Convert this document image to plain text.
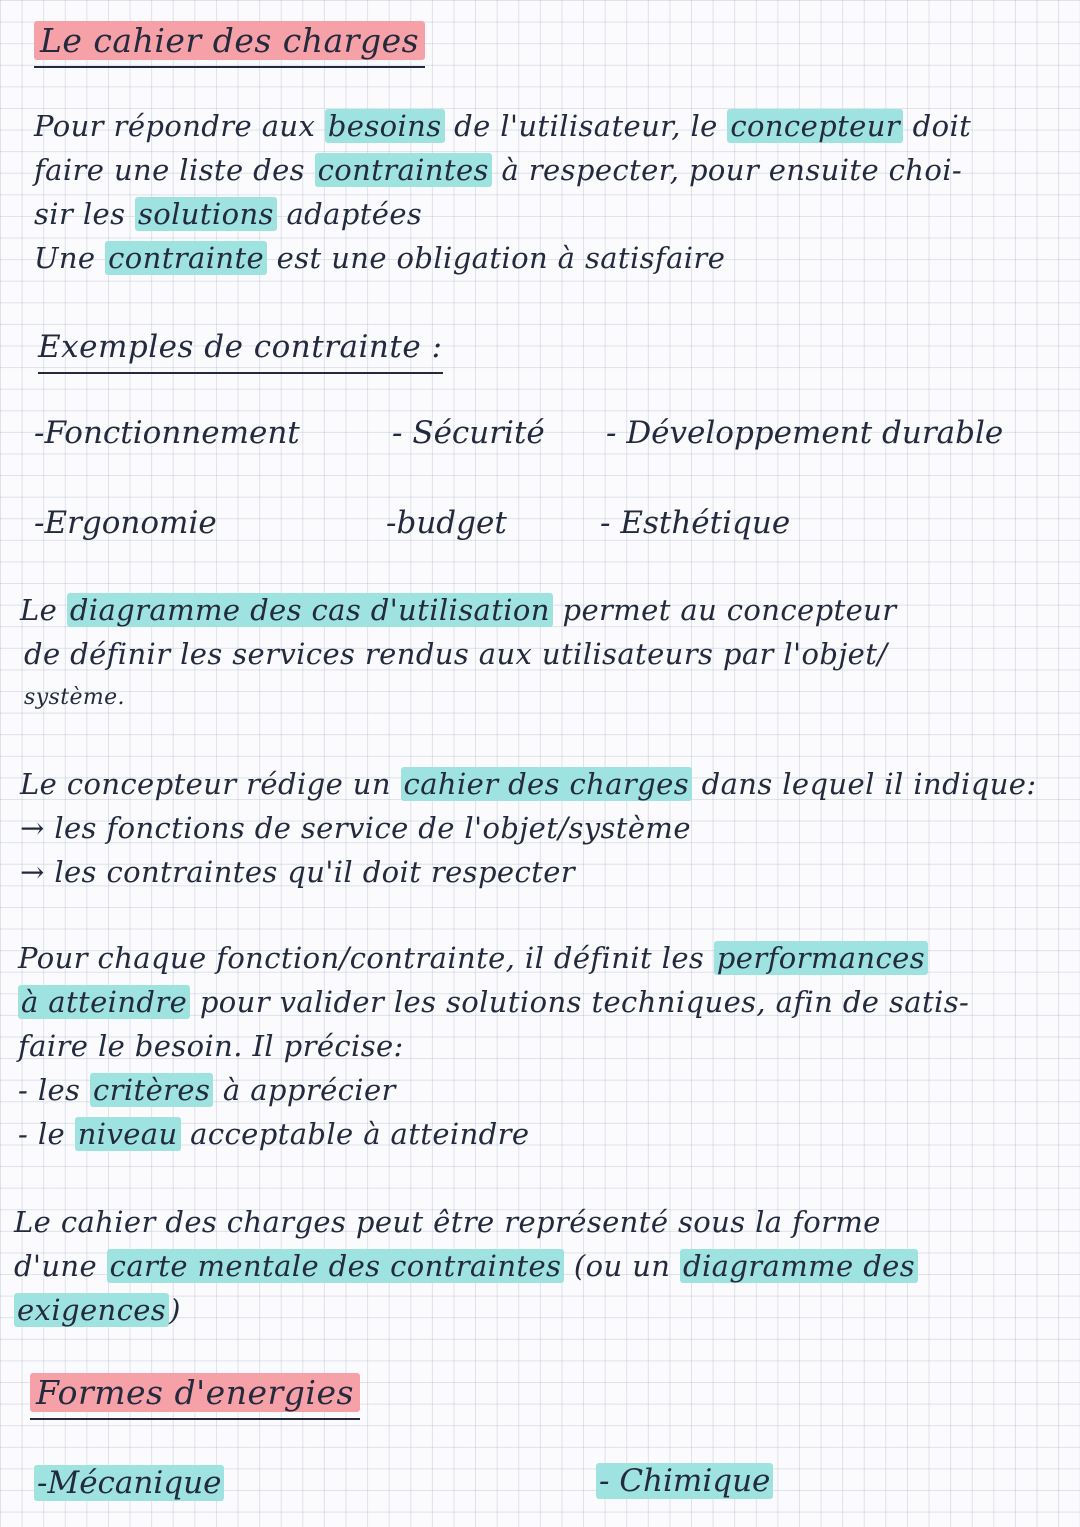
Le cahier des charges
Pour répondre aux besoins de l'utilisateur, le concepteur doit
faire une liste des contraintes à respecter, pour ensuite choi-
sir les solutions adaptées
Une contrainte est une obligation à satisfaire
Exemples de contrainte :
-Fonctionnement	- Sécurité - Développement durable
-Ergonomie	-budget	- Esthétique
Le diagramme des cas d'utilisation permet au concepteur
de définir les services rendus aux utilisateurs par l'objet/
système.
Le concepteur rédige un cahier des charges dans lequel il indique:
→ les fonctions de service de l'objet/système
→ les contraintes qu'il doit respecter
Pour chaque fonction/contrainte, il définit les performances
à atteindre pour valider les solutions techniques, afin de satis-
faire le besoin. Il précise:
- les critères à apprécier
- le niveau acceptable à atteindre
Le cahier des charges peut être représenté sous la forme
d'une carte mentale des contraintes (ou un diagramme des
exigences )
Formes d'energies
-Mécanique	- Chimique
